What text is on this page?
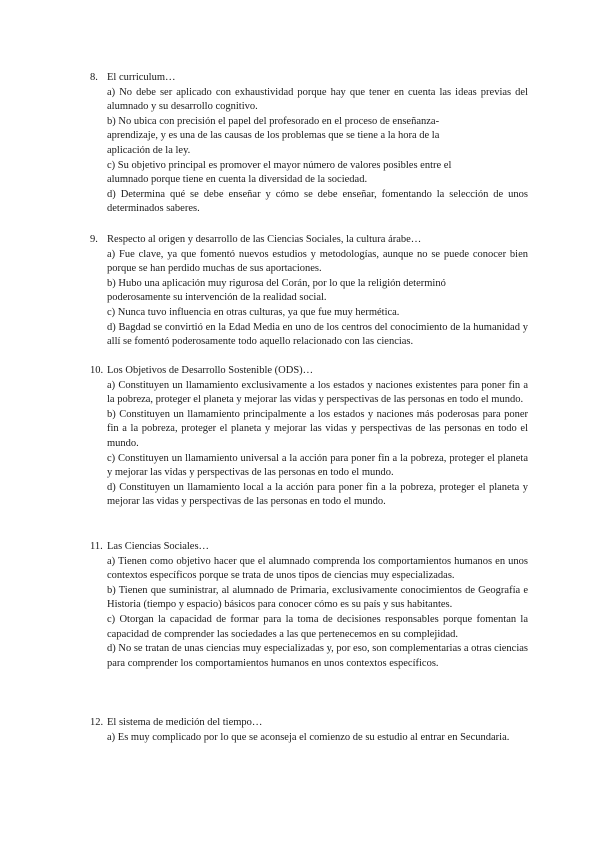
8. El curriculum…

a) No debe ser aplicado con exhaustividad porque hay que tener en cuenta las ideas previas del alumnado y su desarrollo cognitivo.
b) No ubica con precisión el papel del profesorado en el proceso de enseñanza-aprendizaje, y es una de las causas de los problemas que se tiene a la hora de la aplicación de la ley.
c) Su objetivo principal es promover el mayor número de valores posibles entre el alumnado porque tiene en cuenta la diversidad de la sociedad.
d) Determina qué se debe enseñar y cómo se debe enseñar, fomentando la selección de unos determinados saberes.

9. Respecto al origen y desarrollo de las Ciencias Sociales, la cultura árabe…

a) Fue clave, ya que fomentó nuevos estudios y metodologías, aunque no se puede conocer bien porque se han perdido muchas de sus aportaciones.
b) Hubo una aplicación muy rigurosa del Corán, por lo que la religión determinó poderosamente su intervención de la realidad social.
c) Nunca tuvo influencia en otras culturas, ya que fue muy hermética.
d) Bagdad se convirtió en la Edad Media en uno de los centros del conocimiento de la humanidad y allí se fomentó poderosamente todo aquello relacionado con las ciencias.

10. Los Objetivos de Desarrollo Sostenible (ODS)…

a) Constituyen un llamamiento exclusivamente a los estados y naciones existentes para poner fin a la pobreza, proteger el planeta y mejorar las vidas y perspectivas de las personas en todo el mundo.
b) Constituyen un llamamiento principalmente a los estados y naciones más poderosas para poner fin a la pobreza, proteger el planeta y mejorar las vidas y perspectivas de las personas en todo el mundo.
c) Constituyen un llamamiento universal a la acción para poner fin a la pobreza, proteger el planeta y mejorar las vidas y perspectivas de las personas en todo el mundo.
d) Constituyen un llamamiento local a la acción para poner fin a la pobreza, proteger el planeta y mejorar las vidas y perspectivas de las personas en todo el mundo.

11. Las Ciencias Sociales…

a) Tienen como objetivo hacer que el alumnado comprenda los comportamientos humanos en unos contextos específicos porque se trata de unos tipos de ciencias muy especializadas.
b) Tienen que suministrar, al alumnado de Primaria, exclusivamente conocimientos de Geografía e Historia (tiempo y espacio) básicos para conocer cómo es su país y sus habitantes.
c) Otorgan la capacidad de formar para la toma de decisiones responsables porque fomentan la capacidad de comprender las sociedades a las que pertenecemos en su complejidad.
d) No se tratan de unas ciencias muy especializadas y, por eso, son complementarias a otras ciencias para comprender los comportamientos humanos en unos contextos específicos.

12. El sistema de medición del tiempo…

a) Es muy complicado por lo que se aconseja el comienzo de su estudio al entrar en Secundaria.
